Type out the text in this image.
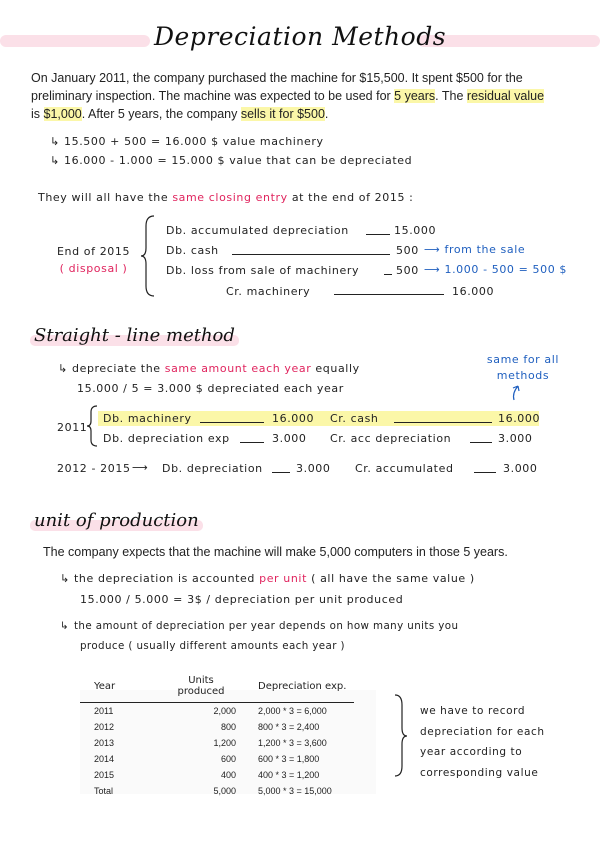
Depreciation Methods
On January 2011, the company purchased the machine for $15,500. It spent $500 for the preliminary inspection. The machine was expected to be used for 5 years. The residual value
is $1,000. After 5 years, the company sells it for $500.
↳ 15.500 + 500 = 16.000 $ value machinery
↳ 16.000 - 1.000 = 15.000 $ value that can be depreciated
They will all have the same closing entry at the end of 2015 :
End of 2015
( disposal )
Db. accumulated depreciation	15.000
Db. cash	500 ⟶ from the sale
Db. loss from sale of machinery	500 ⟶ 1.000 - 500 = 500 $
Cr. machinery	16.000
Straight - line method
same for all methods
↳ depreciate the same amount each year equally
15.000 / 5 = 3.000 $ depreciated each year
2011
Db. machinery	16.000 Cr. cash	16.000
Db. depreciation exp	3.000 Cr. acc depreciation	3.000
2012 - 2015 ⟶ Db. depreciation	3.000 Cr. accumulated	3.000
unit of production
The company expects that the machine will make 5,000 computers in those 5 years.
↳ the depreciation is accounted per unit ( all have the same value )
15.000 / 5.000 = 3$ / depreciation per unit produced
↳ the amount of depreciation per year depends on how many units you
produce ( usually different amounts each year )
Year	Units produced	Depreciation exp.
2011	2,000	2,000 * 3 = 6,000
2012	800	800 * 3 = 2,400
2013	1,200	1,200 * 3 = 3,600
2014	600	600 * 3 = 1,800
2015	400	400 * 3 = 1,200
Total	5,000	5,000 * 3 = 15,000
we have to record
depreciation for each
year according to
corresponding value
